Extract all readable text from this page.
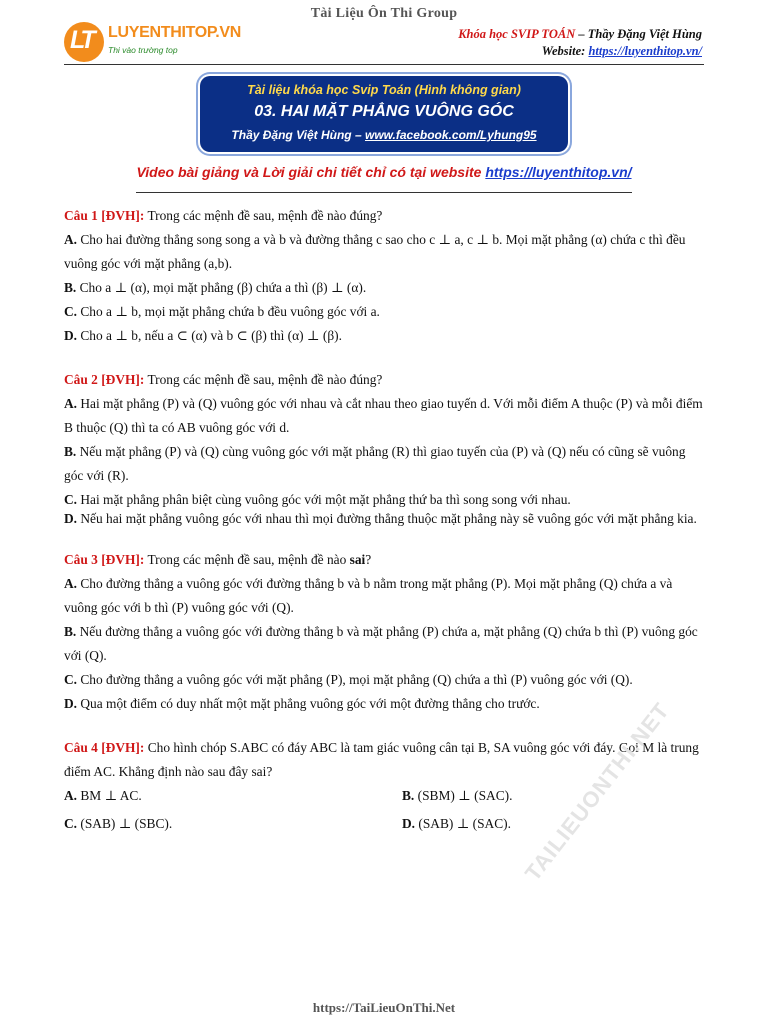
Tài Liệu Ôn Thi Group
LT LUYENTHITOP.VN
Thi vào trường top
Khóa học SVIP TOÁN – Thầy Đặng Việt Hùng
Website: https://luyenthitop.vn/
Tài liệu khóa học Svip Toán (Hình không gian)
03. HAI MẶT PHẲNG VUÔNG GÓC
Thầy Đặng Việt Hùng – www.facebook.com/Lyhung95
Video bài giảng và Lời giải chi tiết chỉ có tại website https://luyenthitop.vn/

Câu 1 [ĐVH]: Trong các mệnh đề sau, mệnh đề nào đúng?

A. Cho hai đường thẳng song song a và b và đường thẳng c sao cho c ⊥ a, c ⊥ b. Mọi mặt phẳng (α) chứa c thì đều vuông góc với mặt phẳng (a,b).

B. Cho a ⊥ (α), mọi mặt phẳng (β) chứa a thì (β) ⊥ (α).

C. Cho a ⊥ b, mọi mặt phẳng chứa b đều vuông góc với a.

D. Cho a ⊥ b, nếu a ⊂ (α) và b ⊂ (β) thì (α) ⊥ (β).

Câu 2 [ĐVH]: Trong các mệnh đề sau, mệnh đề nào đúng?

A. Hai mặt phẳng (P) và (Q) vuông góc với nhau và cắt nhau theo giao tuyến d. Với mỗi điểm A thuộc (P) và mỗi điểm B thuộc (Q) thì ta có AB vuông góc với d.

B. Nếu mặt phẳng (P) và (Q) cùng vuông góc với mặt phẳng (R) thì giao tuyến của (P) và (Q) nếu có cũng sẽ vuông góc với (R).

C. Hai mặt phẳng phân biệt cùng vuông góc với một mặt phẳng thứ ba thì song song với nhau.

D. Nếu hai mặt phẳng vuông góc với nhau thì mọi đường thẳng thuộc mặt phẳng này sẽ vuông góc với mặt phẳng kia.

Câu 3 [ĐVH]: Trong các mệnh đề sau, mệnh đề nào sai?

A. Cho đường thẳng a vuông góc với đường thẳng b và b nằm trong mặt phẳng (P). Mọi mặt phẳng (Q) chứa a và vuông góc với b thì (P) vuông góc với (Q).

B. Nếu đường thẳng a vuông góc với đường thẳng b và mặt phẳng (P) chứa a, mặt phẳng (Q) chứa b thì (P) vuông góc với (Q).

C. Cho đường thẳng a vuông góc với mặt phẳng (P), mọi mặt phẳng (Q) chứa a thì (P) vuông góc với (Q).

D. Qua một điểm có duy nhất một mặt phẳng vuông góc với một đường thẳng cho trước.

Câu 4 [ĐVH]: Cho hình chóp S.ABC có đáy ABC là tam giác vuông cân tại B, SA vuông góc với đáy. Gọi M là trung điểm AC. Khẳng định nào sau đây sai?

A. BM ⊥ AC.	B. (SBM) ⊥ (SAC).
C. (SAB) ⊥ (SBC).	D. (SAB) ⊥ (SAC). TAILIEUONTHI.NET
https://TaiLieuOnThi.Net
